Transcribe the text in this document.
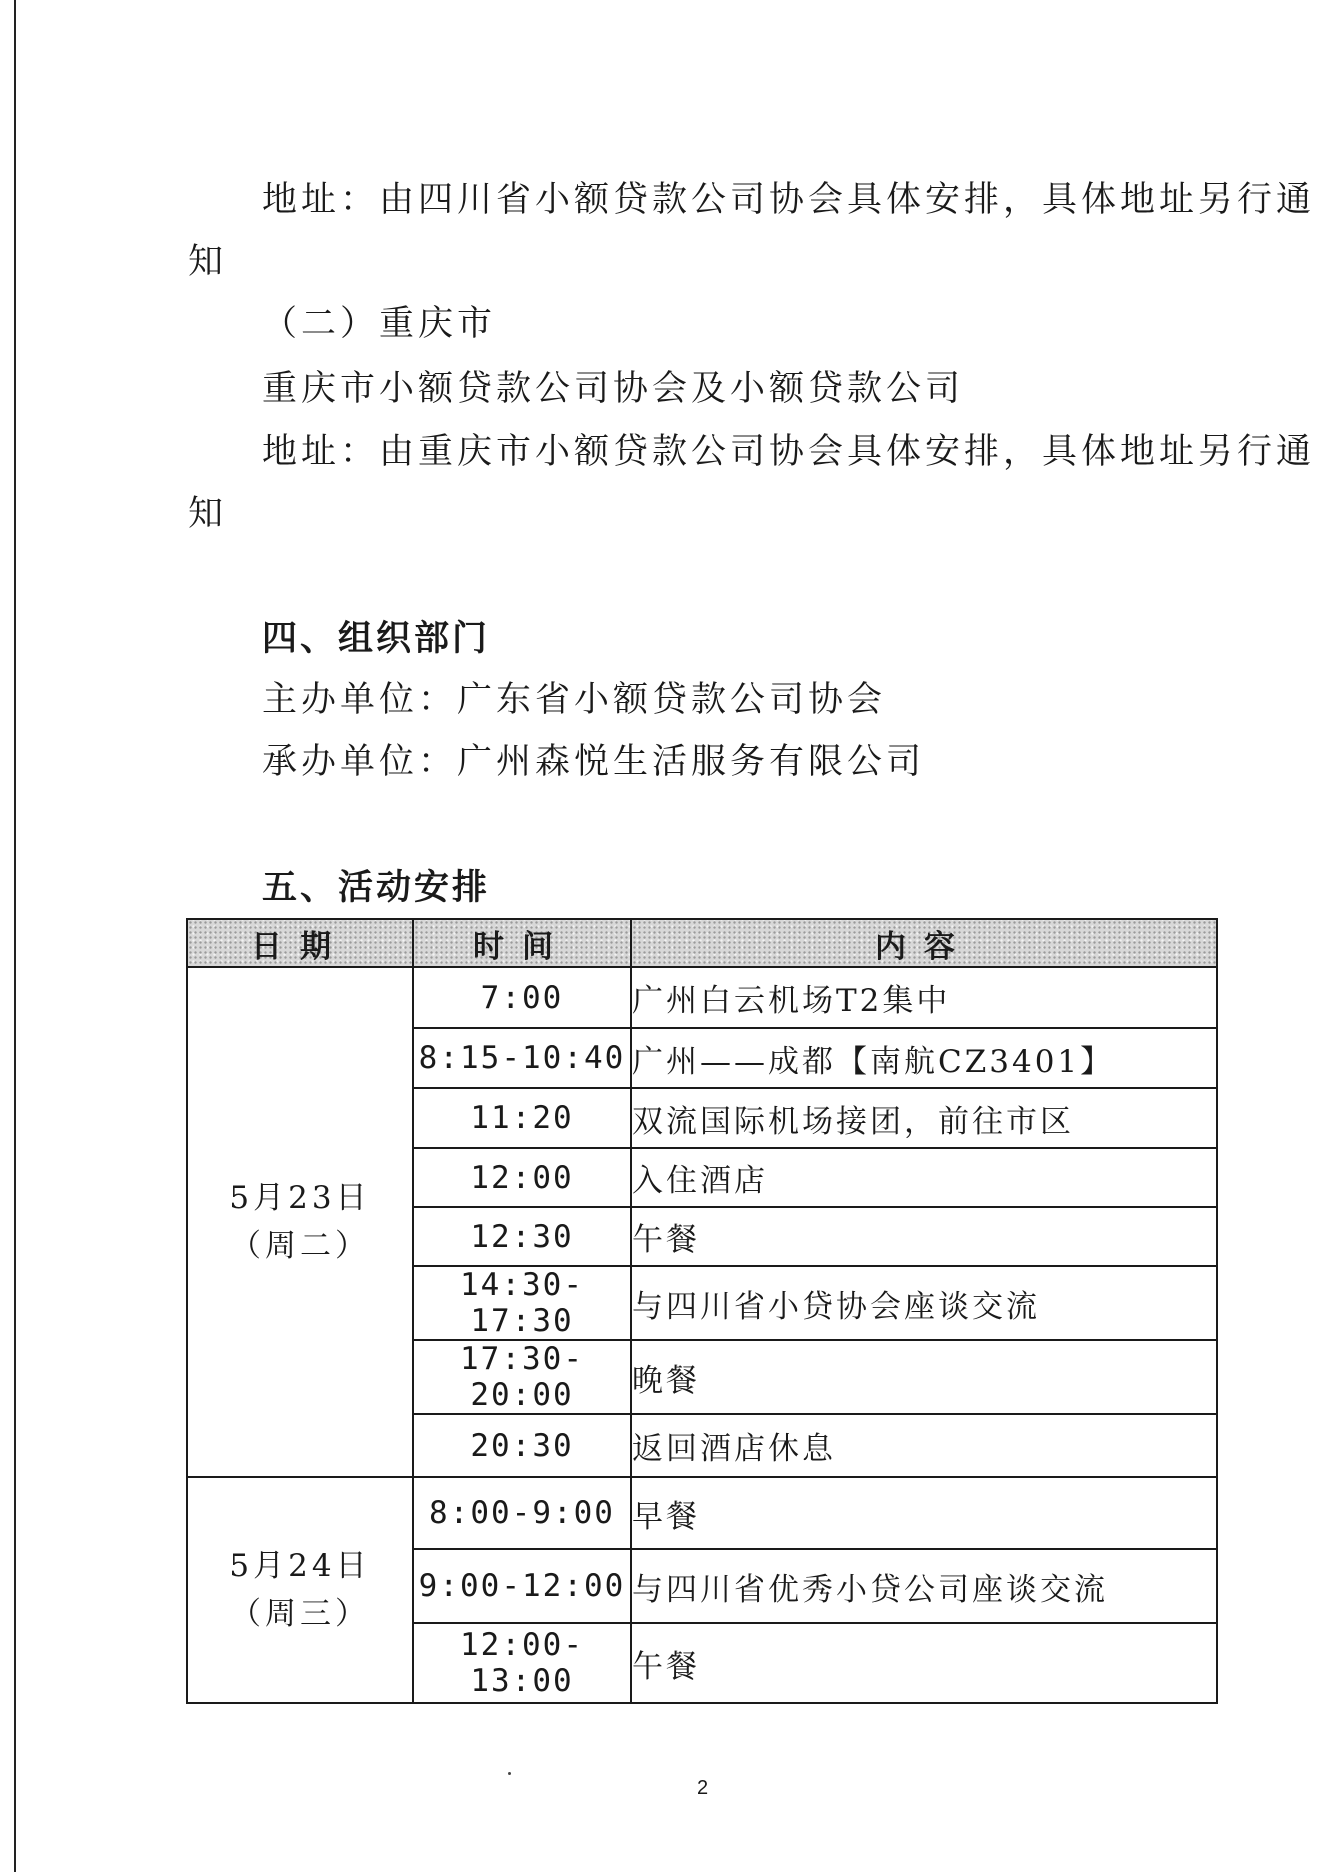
地址：由四川省小额贷款公司协会具体安排，具体地址另行通
知
（二）重庆市
重庆市小额贷款公司协会及小额贷款公司
地址：由重庆市小额贷款公司协会具体安排，具体地址另行通
知
四、组织部门
主办单位：广东省小额贷款公司协会
承办单位：广州森悦生活服务有限公司
五、活动安排
日期	时间	内容

5月23日
（周二）	7:00	广州白云机场T2集中
	8:15-10:40	广州——成都【南航CZ3401】
	11:20	双流国际机场接团，前往市区
	12:00	入住酒店
	12:30	午餐
	14:30-17:30	与四川省小贷协会座谈交流
	17:30-20:00	晚餐
	20:30	返回酒店休息

5月24日
（周三）	8:00-9:00	早餐
	9:00-12:00	与四川省优秀小贷公司座谈交流
	12:00-13:00	午餐
2
